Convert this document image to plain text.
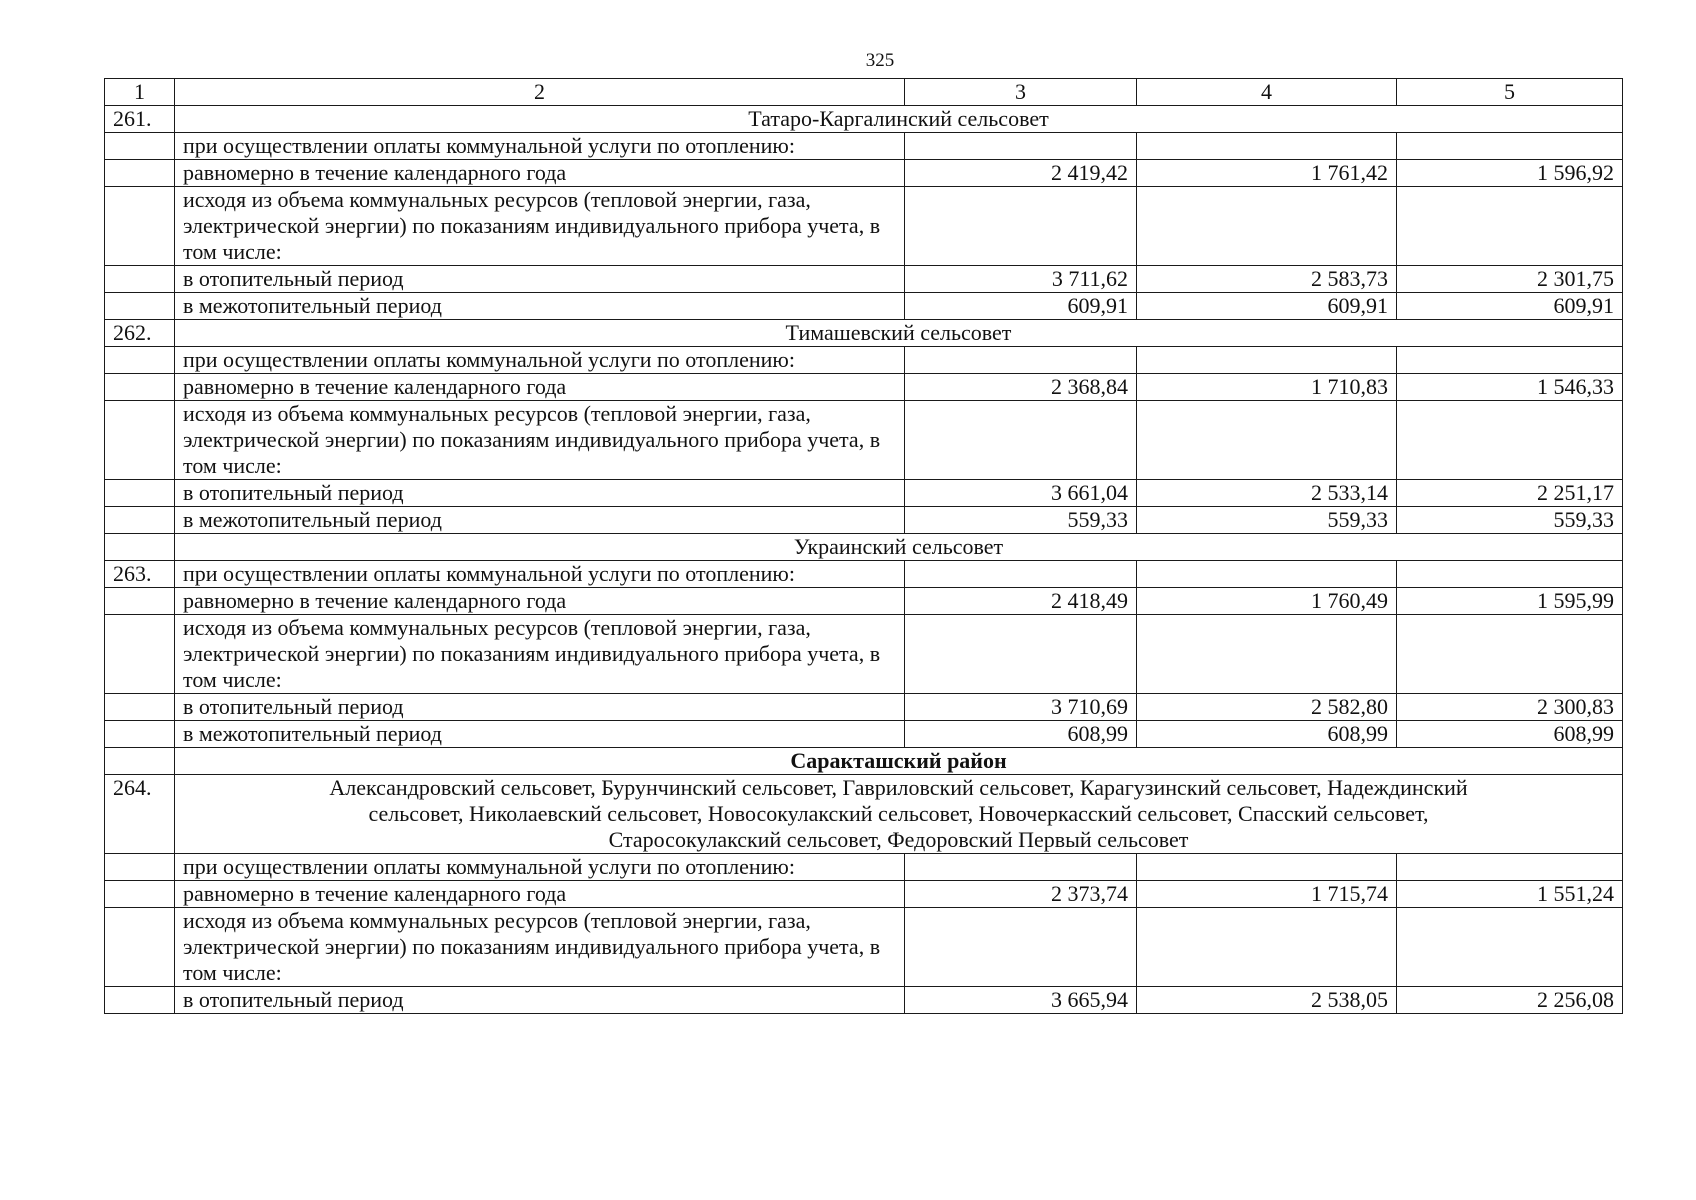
325
1	2	3	4	5
261.	Татаро-Каргалинский сельсовет			
	при осуществлении оплаты коммунальной услуги по отоплению:			
	равномерно в течение календарного года	2 419,42	1 761,42	1 596,92
	исходя из объема коммунальных ресурсов (тепловой энергии, газа, электрической энергии) по показаниям индивидуального прибора учета, в том числе:			
	в отопительный период	3 711,62	2 583,73	2 301,75
	в межотопительный период	609,91	609,91	609,91
262.	Тимашевский сельсовет			
	при осуществлении оплаты коммунальной услуги по отоплению:			
	равномерно в течение календарного года	2 368,84	1 710,83	1 546,33
	исходя из объема коммунальных ресурсов (тепловой энергии, газа, электрической энергии) по показаниям индивидуального прибора учета, в том числе:			
	в отопительный период	3 661,04	2 533,14	2 251,17
	в межотопительный период	559,33	559,33	559,33
	Украинский сельсовет			
263.	при осуществлении оплаты коммунальной услуги по отоплению:			
	равномерно в течение календарного года	2 418,49	1 760,49	1 595,99
	исходя из объема коммунальных ресурсов (тепловой энергии, газа, электрической энергии) по показаниям индивидуального прибора учета, в том числе:			
	в отопительный период	3 710,69	2 582,80	2 300,83
	в межотопительный период	608,99	608,99	608,99
	Саракташский район			
264.	Александровский сельсовет, Бурунчинский сельсовет, Гавриловский сельсовет, Карагузинский сельсовет, Надеждинский сельсовет, Николаевский сельсовет, Новосокулакский сельсовет, Новочеркасский сельсовет, Спасский сельсовет, Старосокулакский сельсовет, Федоровский Первый сельсовет			
	при осуществлении оплаты коммунальной услуги по отоплению:			
	равномерно в течение календарного года	2 373,74	1 715,74	1 551,24
	исходя из объема коммунальных ресурсов (тепловой энергии, газа, электрической энергии) по показаниям индивидуального прибора учета, в том числе:			
	в отопительный период	3 665,94	2 538,05	2 256,08
